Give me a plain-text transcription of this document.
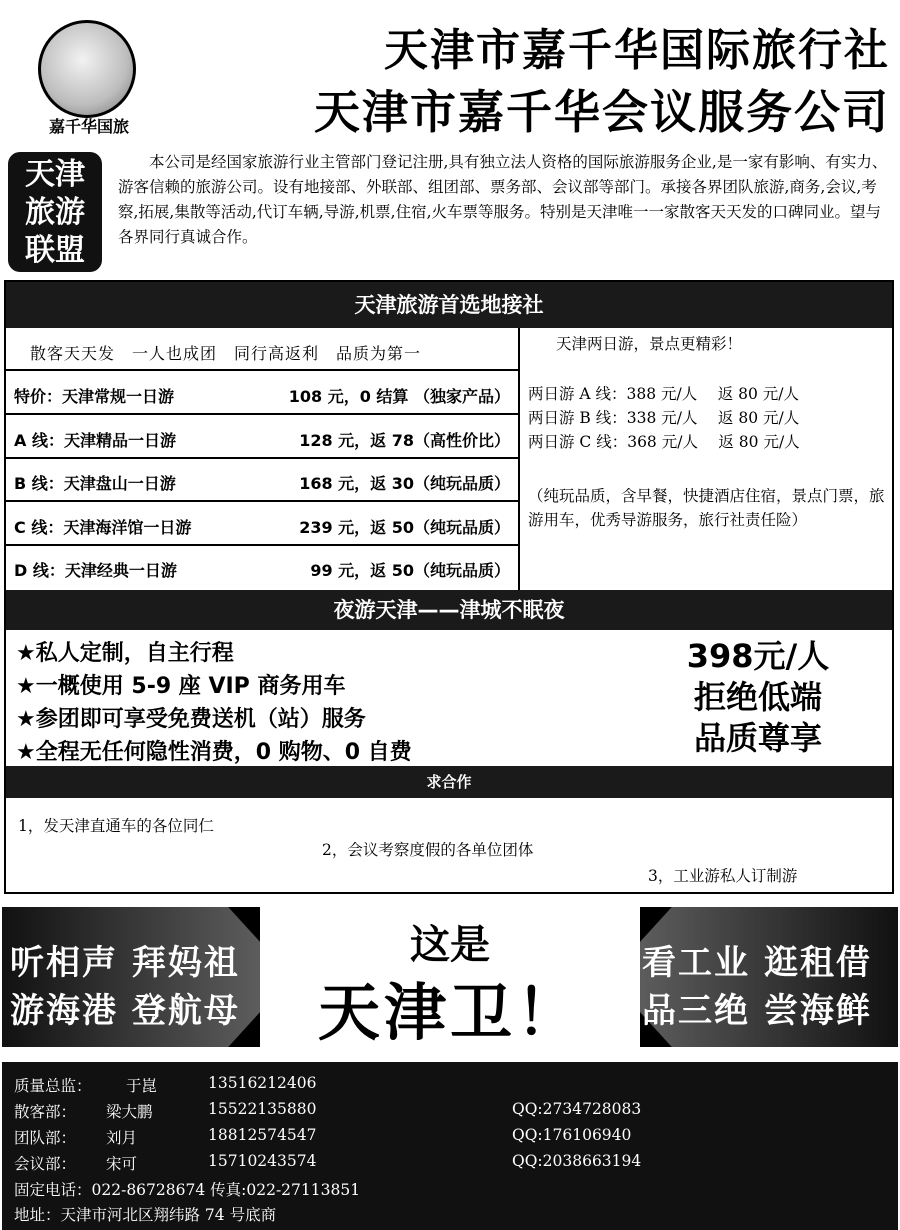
嘉千华国旅
天津市嘉千华国际旅行社
天津市嘉千华会议服务公司
天津
旅游
联盟
本公司是经国家旅游行业主管部门登记注册,具有独立法人资格的国际旅游服务企业,是一家有影响、有实力、游客信赖的旅游公司。设有地接部、外联部、组团部、票务部、会议部等部门。承接各界团队旅游,商务,会议,考察,拓展,集散等活动,代订车辆,导游,机票,住宿,火车票等服务。特别是天津唯一一家散客天天发的口碑同业。望与各界同行真诚合作。
天津旅游首选地接社
散客天天发　一人也成团　同行高返利　品质为第一
特价：天津常规一日游	108 元，0 结算 （独家产品）
A 线：天津精品一日游	128 元，返 78（高性价比）
B 线：天津盘山一日游	168 元，返 30（纯玩品质）
C 线：天津海洋馆一日游	239 元，返 50（纯玩品质）
D 线：天津经典一日游	99 元，返 50（纯玩品质）
天津两日游，景点更精彩！
两日游 A 线：388 元/人　 返 80 元/人
两日游 B 线：338 元/人　 返 80 元/人
两日游 C 线：368 元/人　 返 80 元/人
（纯玩品质，含早餐，快捷酒店住宿，景点门票，旅游用车，优秀导游服务，旅行社责任险）
夜游天津——津城不眠夜
★私人定制，自主行程
★一概使用 5-9 座 VIP 商务用车
★参团即可享受免费送机（站）服务
★全程无任何隐性消费，0 购物、0 自费
398元/人
拒绝低端
品质尊享
求合作
1，发天津直通车的各位同仁
2，会议考察度假的各单位团体
3，工业游私人订制游
这是
天津卫！
听相声 拜妈祖
游海港 登航母
看工业 逛租借
品三绝 尝海鲜
质量总监： 于崑	13516212406
散客部： 梁大鹏	15522135880	QQ:2734728083
团队部： 刘月	18812574547	QQ:176106940
会议部： 宋可	15710243574	QQ:2038663194
固定电话：022-86728674 传真:022-27113851
地址：天津市河北区翔纬路 74 号底商
